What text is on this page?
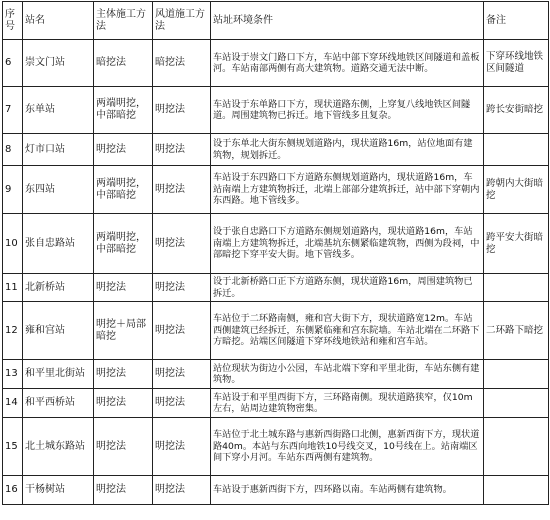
序号	站名	主体施工方法	风道施工方法	站址环境条件	备注
6	崇文门站	暗挖法	暗挖法	车站设于崇文门路口下方，车站中部下穿环线地铁区间隧道和盖板河。车站南部两侧有高大建筑物。道路交通无法中断。	下穿环线地铁区间隧道
7	东单站	两端明挖，中部暗挖	明挖法	车站设于东单路口下方，现状道路东侧，上穿复八线地铁区间隧道。周围建筑物已拆迁。地下管线多且复杂。	跨长安街暗挖
8	灯市口站	明挖法	明挖法	设于东单北大街东侧规划道路内，现状道路16m，站位地面有建筑物，规划拆迁。	
9	东四站	两端明挖，中部暗挖	明挖法	车站设于东四路口下方道路东侧规划道路内，现状道路16m，车站南端上方建筑物拆迁，北端上部部分建筑拆迁，站中部下穿朝内东西路。地下管线多。	跨朝内大街暗挖
10	张自忠路站	两端明挖，中部暗挖	明挖法	设于张自忠路口下方道路东侧规划道路内，现状道路16m，车站南端上方建筑物拆迁，北端基坑东侧紧临建筑物，西侧为段祠，中部暗挖下穿平安大街。地下管线多。	跨平安大街暗挖
11	北新桥站	明挖法	明挖法	设于北新桥路口正下方道路东侧，现状道路16m，周围建筑物已拆迁。	
12	雍和宫站	明挖＋局部暗挖	明挖法	车站位于二环路南侧，雍和宫大街下方，现状道路宽12m。车站西侧建筑已经拆迁，东侧紧临雍和宫东院墙。车站北端在二环路下方暗挖。站端区间隧道下穿环线地铁站和雍和宫车站。	二环路下暗挖
13	和平里北街站	明挖法	明挖法	站位现状为街边小公园，车站北端下穿和平里北街，车站东侧有建筑物。	
14	和平西桥站	明挖法	明挖法	车站设于和平里西街下方，三环路南侧。现状道路狭窄，仅10m左右，站周边建筑物密集。	
15	北土城东路站	明挖法	明挖法	车站位于北土城东路与惠新西街路口北侧，惠新西街下方，现状道路40m。本站与东西向地铁10号线交叉，10号线在上。站南端区间下穿小月河。车站东西两侧有建筑物。	
16	干杨树站	明挖法	明挖法	车站设于惠新西街下方，四环路以南。车站两侧有建筑物。	
